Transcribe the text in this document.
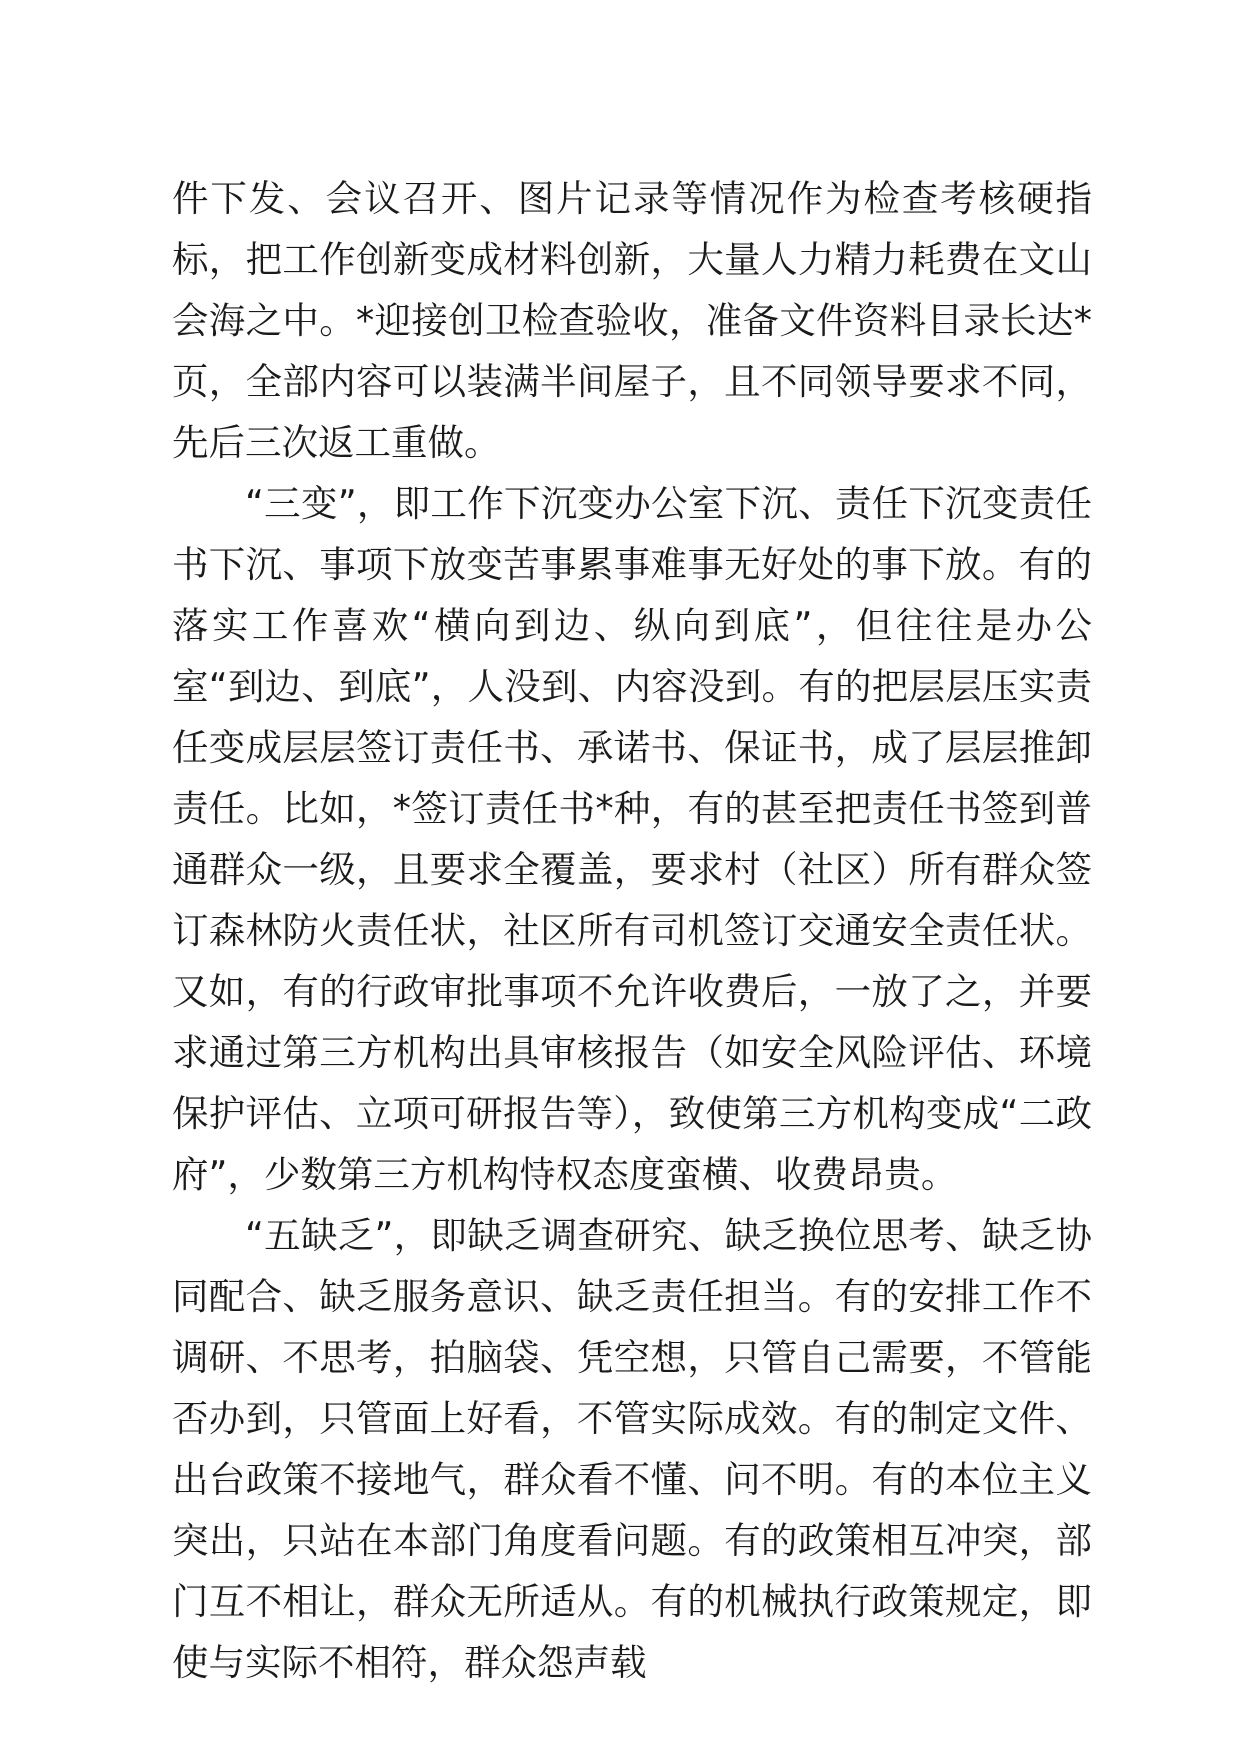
件下发、会议召开、图片记录等情况作为检查考核硬指标，把工作创新变成材料创新，大量人力精力耗费在文山会海之中。*迎接创卫检查验收，准备文件资料目录长达*页，全部内容可以装满半间屋子，且不同领导要求不同，先后三次返工重做。

“三变”，即工作下沉变办公室下沉、责任下沉变责任书下沉、事项下放变苦事累事难事无好处的事下放。有的落实工作喜欢“横向到边、纵向到底”，但往往是办公室“到边、到底”，人没到、内容没到。有的把层层压实责任变成层层签订责任书、承诺书、保证书，成了层层推卸责任。比如，*签订责任书*种，有的甚至把责任书签到普通群众一级，且要求全覆盖，要求村（社区）所有群众签订森林防火责任状，社区所有司机签订交通安全责任状。又如，有的行政审批事项不允许收费后，一放了之，并要求通过第三方机构出具审核报告（如安全风险评估、环境保护评估、立项可研报告等），致使第三方机构变成“二政府”，少数第三方机构恃权态度蛮横、收费昂贵。

“五缺乏”，即缺乏调查研究、缺乏换位思考、缺乏协同配合、缺乏服务意识、缺乏责任担当。有的安排工作不调研、不思考，拍脑袋、凭空想，只管自己需要，不管能否办到，只管面上好看，不管实际成效。有的制定文件、出台政策不接地气，群众看不懂、问不明。有的本位主义突出，只站在本部门角度看问题。有的政策相互冲突，部门互不相让，群众无所适从。有的机械执行政策规定，即使与实际不相符，群众怨声载
